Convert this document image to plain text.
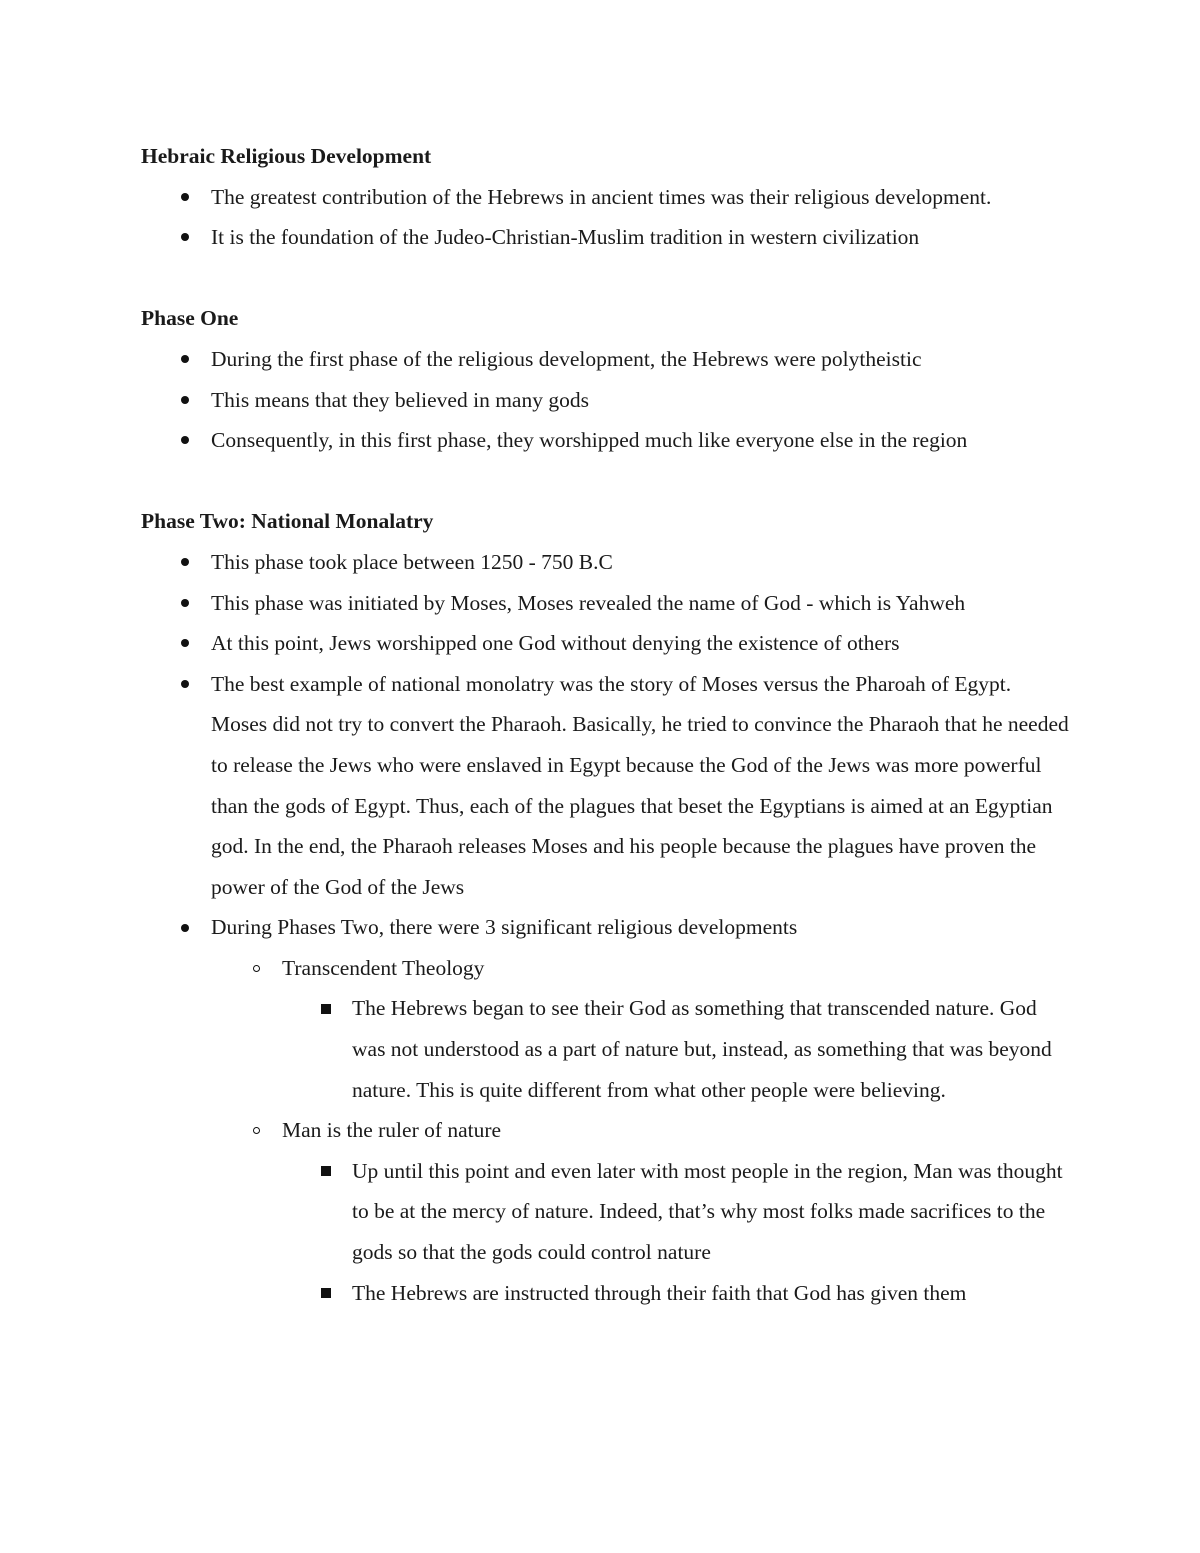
Hebraic Religious Development

The greatest contribution of the Hebrews in ancient times was their religious development.
It is the foundation of the Judeo-Christian-Muslim tradition in western civilization

Phase One

During the first phase of the religious development, the Hebrews were polytheistic
This means that they believed in many gods
Consequently, in this first phase, they worshipped much like everyone else in the region

Phase Two: National Monalatry

This phase took place between 1250 - 750 B.C
This phase was initiated by Moses, Moses revealed the name of God - which is Yahweh
At this point, Jews worshipped one God without denying the existence of others
The best example of national monolatry was the story of Moses versus the Pharoah of Egypt. Moses did not try to convert the Pharaoh. Basically, he tried to convince the Pharaoh that he needed to release the Jews who were enslaved in Egypt because the God of the Jews was more powerful than the gods of Egypt. Thus, each of the plagues that beset the Egyptians is aimed at an Egyptian god. In the end, the Pharaoh releases Moses and his people because the plagues have proven the power of the God of the Jews
During Phases Two, there were 3 significant religious developments
Transcendent Theology
The Hebrews began to see their God as something that transcended nature. God was not understood as a part of nature but, instead, as something that was beyond nature. This is quite different from what other people were believing.
Man is the ruler of nature
Up until this point and even later with most people in the region, Man was thought to be at the mercy of nature. Indeed, that’s why most folks made sacrifices to the gods so that the gods could control nature
The Hebrews are instructed through their faith that God has given them
